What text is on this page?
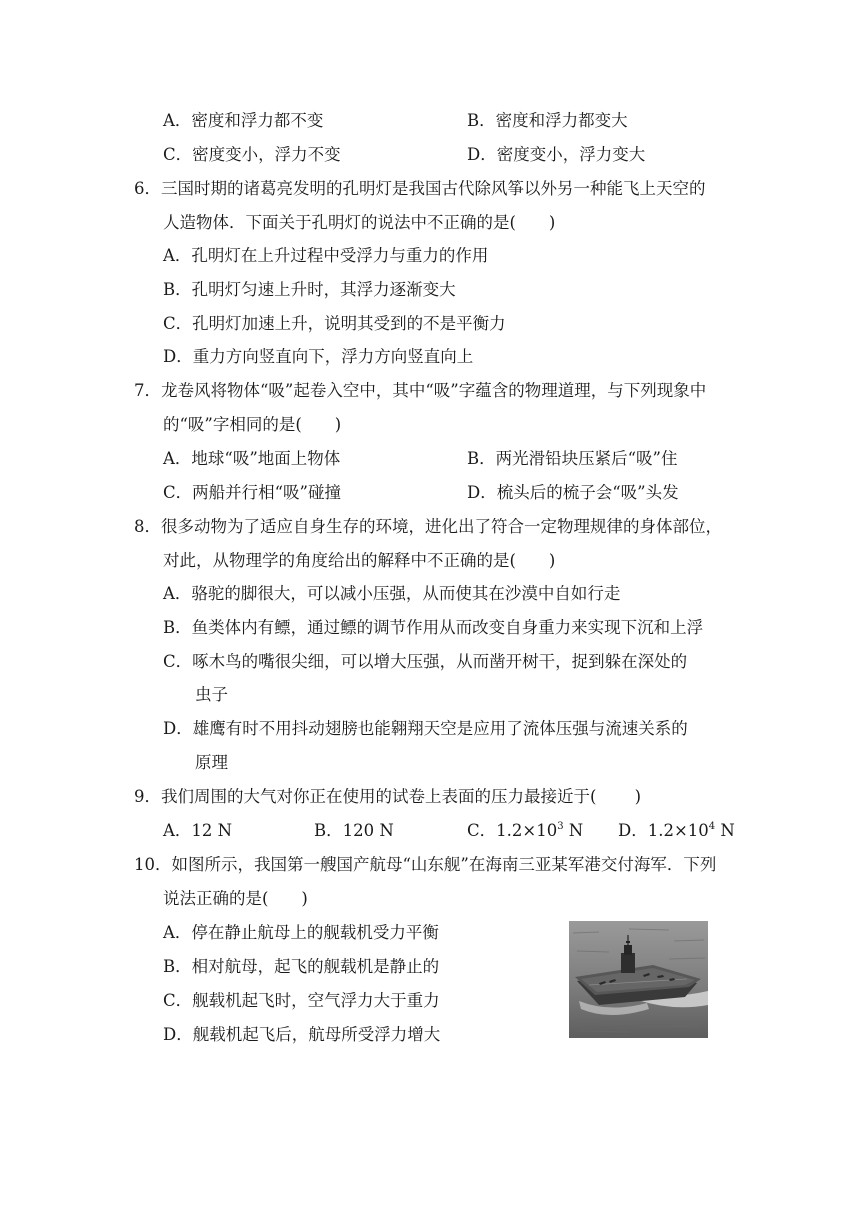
A．密度和浮力都不变	B．密度和浮力都变大
C．密度变小，浮力不变	D．密度变小，浮力变大
6．三国时期的诸葛亮发明的孔明灯是我国古代除风筝以外另一种能飞上天空的
人造物体．下面关于孔明灯的说法中不正确的是(　　)
A．孔明灯在上升过程中受浮力与重力的作用
B．孔明灯匀速上升时，其浮力逐渐变大
C．孔明灯加速上升，说明其受到的不是平衡力
D．重力方向竖直向下，浮力方向竖直向上
7．龙卷风将物体“吸”起卷入空中，其中“吸”字蕴含的物理道理，与下列现象中
的“吸”字相同的是(　　)
A．地球“吸”地面上物体	B．两光滑铅块压紧后“吸”住
C．两船并行相“吸”碰撞	D．梳头后的梳子会“吸”头发
8．很多动物为了适应自身生存的环境，进化出了符合一定物理规律的身体部位，
对此，从物理学的角度给出的解释中不正确的是(　　)
A．骆驼的脚很大，可以减小压强，从而使其在沙漠中自如行走
B．鱼类体内有鳔，通过鳔的调节作用从而改变自身重力来实现下沉和上浮
C．啄木鸟的嘴很尖细，可以增大压强，从而凿开树干，捉到躲在深处的
虫子
D．雄鹰有时不用抖动翅膀也能翱翔天空是应用了流体压强与流速关系的
原理
9．我们周围的大气对你正在使用的试卷上表面的压力最接近于(　　 )
A．12 N	B．120 N	C．$1.2\times 10^3$ N D．$1.2\times 10^4$ N
10．如图所示，我国第一艘国产航母“山东舰”在海南三亚某军港交付海军．下列
说法正确的是(　　)
A．停在静止航母上的舰载机受力平衡
B．相对航母，起飞的舰载机是静止的
C．舰载机起飞时，空气浮力大于重力
D．舰载机起飞后，航母所受浮力增大
